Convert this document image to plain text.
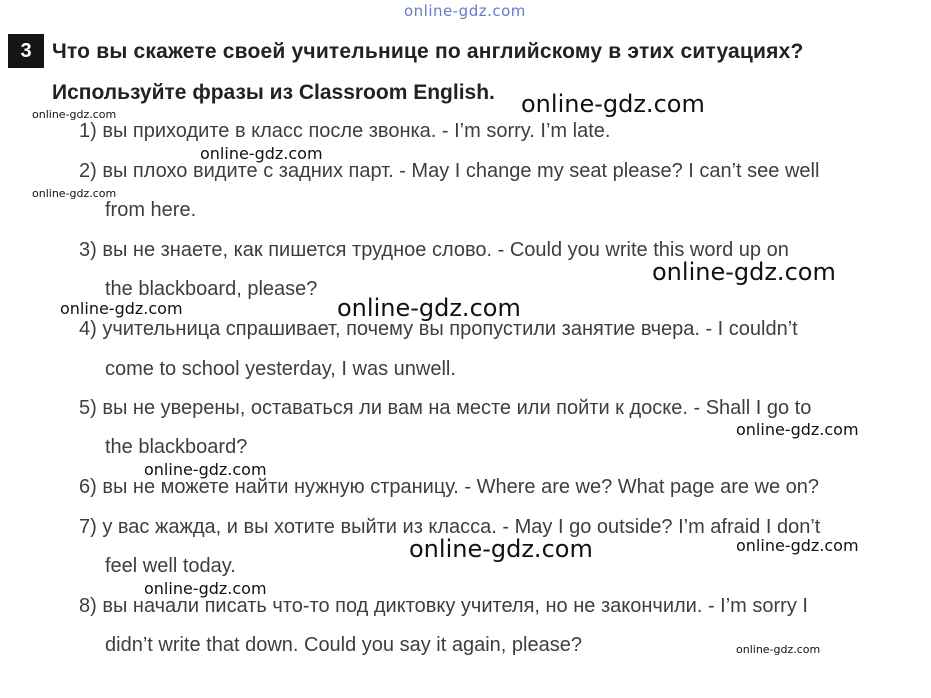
online-gdz.com
3 Что вы скажете своей учительнице по английскому в этих ситуациях?
Используйте фразы из Classroom English.
1) вы приходите в класс после звонка. - I’m sorry. I’m late.
2) вы плохо видите с задних парт. - May I change my seat please? I can’t see well
from here.
3) вы не знаете, как пишется трудное слово. - Could you write this word up on
the blackboard, please?
4) учительница спрашивает, почему вы пропустили занятие вчера. - I couldn’t
come to school yesterday, I was unwell.
5) вы не уверены, оставаться ли вам на месте или пойти к доске. - Shall I go to
the blackboard?
6) вы не можете найти нужную страницу. - Where are we? What page are we on?
7) у вас жажда, и вы хотите выйти из класса. - May I go outside? I’m afraid I don’t
feel well today.
8) вы начали писать что-то под диктовку учителя, но не закончили. - I’m sorry I
didn’t write that down. Could you say it again, please?
online-gdz.com
online-gdz.com
online-gdz.com
online-gdz.com
online-gdz.com
online-gdz.com
online-gdz.com
online-gdz.com
online-gdz.com
online-gdz.com	online-gdz.com
online-gdz.com
online-gdz.com
